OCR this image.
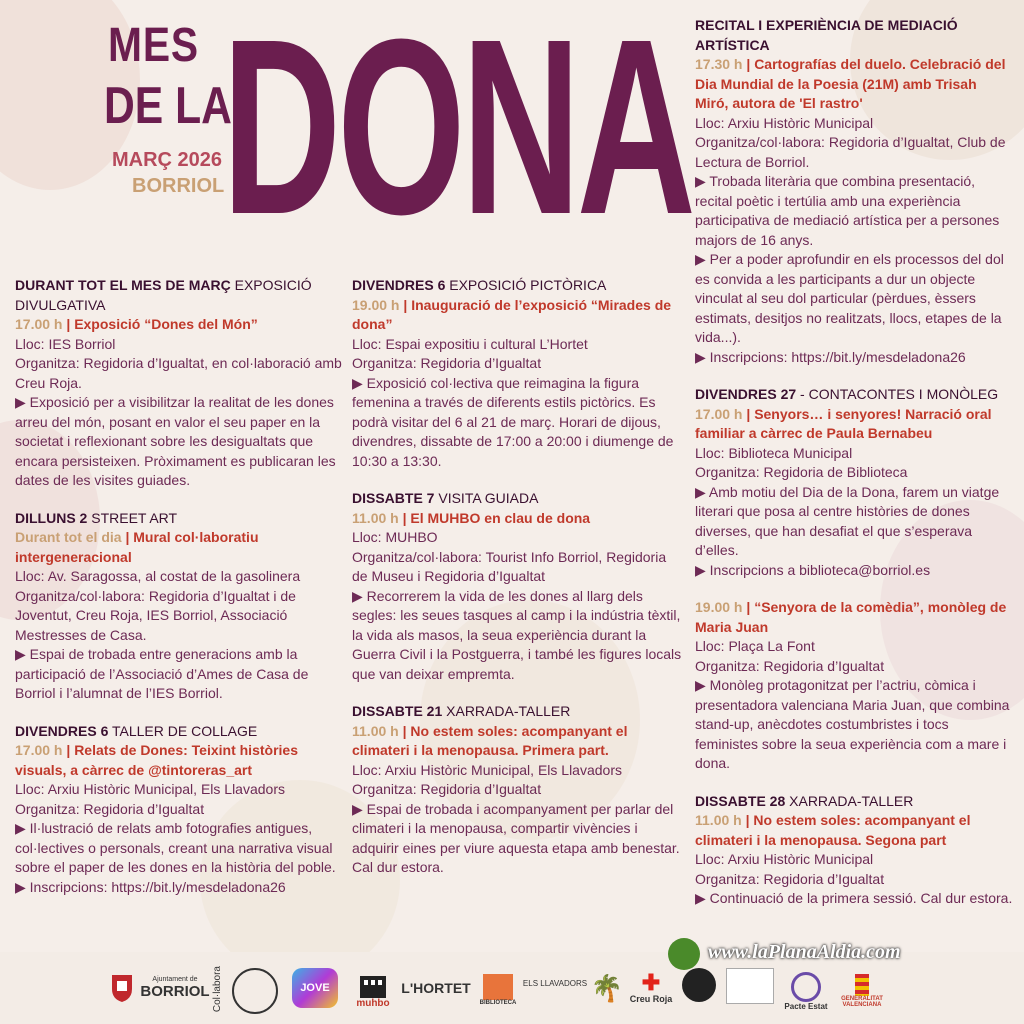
MES
DE LA
MARÇ 2026
BORRIOL
DONA
DURANT TOT EL MES DE MARÇ EXPOSICIÓ DIVULGATIVA
17.00 h | Exposició “Dones del Món”
Lloc: IES Borriol
Organitza: Regidoria d’Igualtat, en col·laboració amb Creu Roja.
▶ Exposició per a visibilitzar la realitat de les dones arreu del món, posant en valor el seu paper en la societat i reflexionant sobre les desigualtats que encara persisteixen. Pròximament es publicaran les dates de les visites guiades.
DILLUNS 2 STREET ART
Durant tot el dia | Mural col·laboratiu intergeneracional
Lloc: Av. Saragossa, al costat de la gasolinera
Organitza/col·labora: Regidoria d’Igualtat i de Joventut, Creu Roja, IES Borriol, Associació Mestresses de Casa.
▶ Espai de trobada entre generacions amb la participació de l’Associació d’Ames de Casa de Borriol i l’alumnat de l’IES Borriol.
DIVENDRES 6 TALLER DE COLLAGE
17.00 h | Relats de Dones: Teixint històries visuals, a càrrec de @tintoreras_art
Lloc: Arxiu Històric Municipal, Els Llavadors
Organitza: Regidoria d’Igualtat
▶ Il·lustració de relats amb fotografies antigues, col·lectives o personals, creant una narrativa visual sobre el paper de les dones en la història del poble.
▶ Inscripcions: https://bit.ly/mesdeladona26
DIVENDRES 6 EXPOSICIÓ PICTÒRICA
19.00 h | Inauguració de l’exposició “Mirades de dona”
Lloc: Espai expositiu i cultural L’Hortet
Organitza: Regidoria d’Igualtat
▶ Exposició col·lectiva que reimagina la figura femenina a través de diferents estils pictòrics. Es podrà visitar del 6 al 21 de març. Horari de dijous, divendres, dissabte de 17:00 a 20:00 i diumenge de 10:30 a 13:30.
DISSABTE 7 VISITA GUIADA
11.00 h | El MUHBO en clau de dona
Lloc: MUHBO
Organitza/col·labora: Tourist Info Borriol, Regidoria de Museu i Regidoria d’Igualtat
▶ Recorrerem la vida de les dones al llarg dels segles: les seues tasques al camp i la indústria tèxtil, la vida als masos, la seua experiència durant la Guerra Civil i la Postguerra, i també les figures locals que van deixar empremta.
DISSABTE 21 XARRADA-TALLER
11.00 h | No estem soles: acompanyant el climateri i la menopausa. Primera part.
Lloc: Arxiu Històric Municipal, Els Llavadors
Organitza: Regidoria d’Igualtat
▶ Espai de trobada i acompanyament per parlar del climateri i la menopausa, compartir vivències i adquirir eines per viure aquesta etapa amb benestar. Cal dur estora.
RECITAL I EXPERIÈNCIA DE MEDIACIÓ ARTÍSTICA
17.30 h | Cartografías del duelo. Celebració del Dia Mundial de la Poesia (21M) amb Trisah Miró, autora de 'El rastro'
Lloc: Arxiu Històric Municipal
Organitza/col·labora: Regidoria d’Igualtat, Club de Lectura de Borriol.
▶ Trobada literària que combina presentació, recital poètic i tertúlia amb una experiència participativa de mediació artística per a persones majors de 16 anys.
▶ Per a poder aprofundir en els processos del dol es convida a les participants a dur un objecte vinculat al seu dol particular (pèrdues, èssers estimats, desitjos no realitzats, llocs, etapes de la vida...).
▶ Inscripcions: https://bit.ly/mesdeladona26
DIVENDRES 27 - CONTACONTES I MONÒLEG
17.00 h | Senyors… i senyores! Narració oral familiar a càrrec de Paula Bernabeu
Lloc: Biblioteca Municipal
Organitza: Regidoria de Biblioteca
▶ Amb motiu del Dia de la Dona, farem un viatge literari que posa al centre històries de dones diverses, que han desafiat el que s’esperava d’elles.
▶ Inscripcions a biblioteca@borriol.es
19.00 h | “Senyora de la comèdia”, monòleg de Maria Juan
Lloc: Plaça La Font
Organitza: Regidoria d’Igualtat
▶ Monòleg protagonitzat per l’actriu, còmica i presentadora valenciana Maria Juan, que combina stand-up, anècdotes costumbristes i tocs feministes sobre la seua experiència com a mare i dona.
DISSABTE 28 XARRADA-TALLER
11.00 h | No estem soles: acompanyant el climateri i la menopausa. Segona part
Lloc: Arxiu Històric Municipal
Organitza: Regidoria d’Igualtat
▶ Continuació de la primera sessió. Cal dur estora.
www.laPlanaAldia.com
Ajuntament de
BORRIOL Col·labora	JOVE
muhbo
L'HORTET
BIBLIOTECA
ELS LLAVADORS 🌴 ✚
Creu Roja
Pacte Estat
GENERALITAT VALENCIANA
